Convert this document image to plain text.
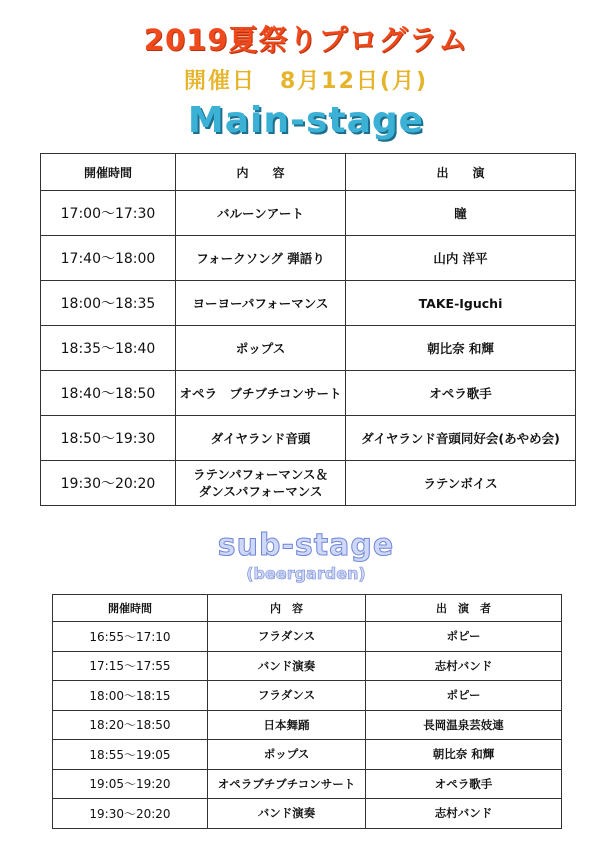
2019夏祭りプログラム
開催日　8月12日(月)
Main-stage
開催時間	内　　容	出　　演
17:00～17:30	バルーンアート	瞳
17:40～18:00	フォークソング 弾語り	山内 洋平
18:00～18:35	ヨーヨーパフォーマンス	TAKE-Iguchi
18:35～18:40	ポップス	朝比奈 和輝
18:40～18:50	オペラ　ブチブチコンサート	オペラ歌手
18:50～19:30	ダイヤランド音頭	ダイヤランド音頭同好会(あやめ会)
19:30～20:20	ラテンパフォーマンス＆
ダンスパフォーマンス	ラテンボイス
sub-stage
(beergarden)
開催時間	内　容	出　演　者
16:55～17:10	フラダンス	ポピー
17:15～17:55	バンド演奏	志村バンド
18:00～18:15	フラダンス	ポピー
18:20～18:50	日本舞踊	長岡温泉芸妓連
18:55～19:05	ポップス	朝比奈 和輝
19:05～19:20	オペラブチブチコンサート	オペラ歌手
19:30～20:20	バンド演奏	志村バンド
